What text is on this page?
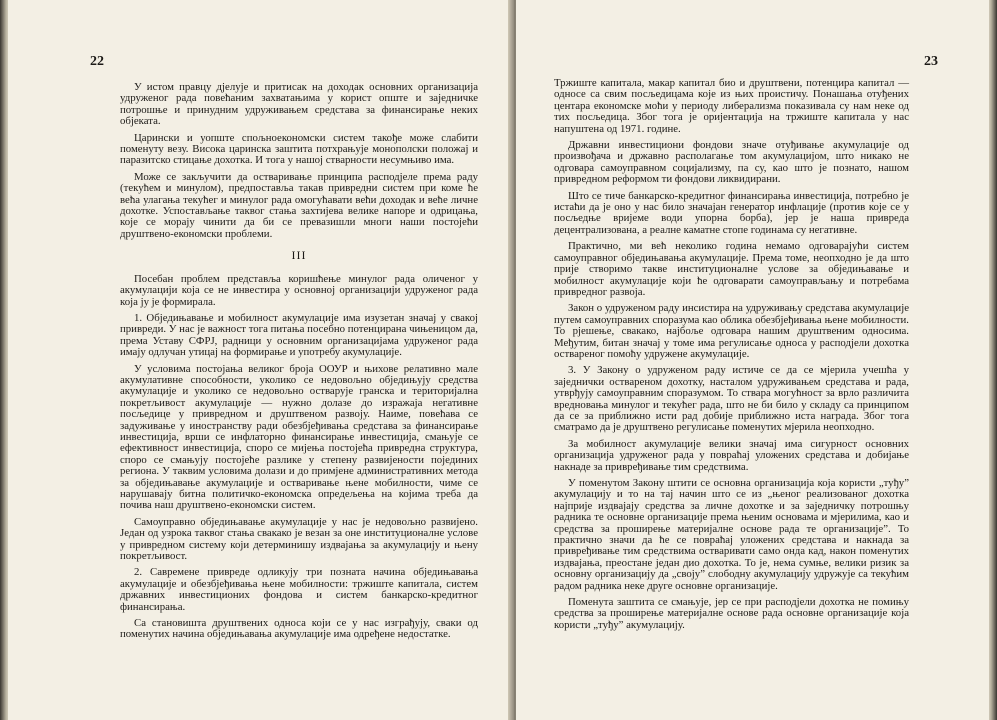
22

У истом правцу дјелује и притисак на доходак основних организација удруженог рада повећаним захватањима у корист опште и заједничке потрошње и принудним удруживањем средстава за финансирање неких објеката.

Царински и уопште спољноекономски систем такође може слабити поменуту везу. Висока царинска заштита потхрањује монополски положај и паразитско стицање дохотка. И тога у нашој стварности несумњиво има.

Може се закључити да остваривање принципа расподјеле према раду (текућем и минулом), предпоставља такав привредни систем при коме ће већа улагања текућег и минулог рада омогућавати већи доходак и веће личне дохотке. Успостављање таквог стања захтијева велике напоре и одрицања, које се морају чинити да би се превазишли многи наши постојећи друштвено-економски проблеми.

III

Посебан проблем представља коришћење минулог рада оличеног у акумулацији која се не инвестира у основној организацији удруженог рада која ју је формирала.

1. Обједињавање и мобилност акумулације има изузетан значај у свакој привреди. У нас је важност тога питања посебно потенцирана чињеницом да, према Уставу СФРЈ, радници у основним организацијама удруженог рада имају одлучан утицај на формирање и употребу акумулације.

У условима постојања великог броја ООУР и њихове релативно мале акумулативне способности, уколико се недовољно обједињују средства акумулације и уколико се недовољно остварује гранска и територијална покретљивост акумулације — нужно долазе до изражаја негативне посљедице у привредном и друштвеном развоју. Наиме, повећава се задуживање у иностранству ради обезбјеђивања средстава за финансирање инвестиција, врши се инфлаторно финансирање инвестиција, смањује се ефективност инвестиција, споро се мијења постојећа привредна структура, споро се смањују постојеће разлике у степену развијености појединих региона. У таквим условима долази и до примјене административних метода за обједињавање акумулације и остваривање њене мобилности, чиме се нарушавају битна политичко-економска опредељења на којима треба да почива наш друштвено-економски систем.

Самоуправно обједињавање акумулације у нас је недовољно развијено. Један од узрока таквог стања свакако је везан за оне институционалне услове у привредном систему који детерминишу издвајања за акумулацију и њену покретљивост.

2. Савремене привреде одликују три позната начина обједињавања акумулације и обезбјеђивања њене мобилности: тржиште капитала, систем државних инвестиционих фондова и систем банкарско-кредитног финансирања.

Са становишта друштвених односа који се у нас изграђују, сваки од поменутих начина обједињавања акумулације има одређене недостатке.

23

Тржиште капитала, макар капитал био и друштвени, потенцира капитал — односе са свим посљедицама које из њих проистичу. Понашања отуђених центара економске моћи у периоду либерализма показивала су нам неке од тих посљедица. Због тога је оријентација на тржиште капитала у нас напуштена од 1971. године.

Државни инвестициони фондови значе отуђивање акумулације од произвођача и државно располагање том акумулацијом, што никако не одговара самоуправном социјализму, па су, као што је познато, нашом привредном реформом ти фондови ликвидирани.

Што се тиче банкарско-кредитног финансирања инвестиција, потребно је истаћи да је оно у нас било значајан генератор инфлације (против које се у посљедње вријеме води упорна борба), јер је наша привреда децентрализована, а реалне каматне стопе годинама су негативне.

Практично, ми већ неколико година немамо одговарајући систем самоуправног обједињавања акумулације. Према томе, неопходно је да што прије створимо такве институционалне услове за обједињавање и мобилност акумулације који ће одговарати самоуправљању и потребама привредног развоја.

Закон о удруженом раду инсистира на удруживању средстава акумулације путем самоуправних споразума као облика обезбјеђивања њене мобилности. То рјешење, свакако, најбоље одговара нашим друштвеним односима. Међутим, битан значај у томе има регулисање односа у расподјели дохотка оствареног помоћу удружене акумулације.

3. У Закону о удруженом раду истиче се да се мјерила учешћа у заједнички оствареном дохотку, насталом удруживањем средстава и рада, утврђују самоуправним споразумом. То ствара могућност за врло различита вредновања минулог и текућег рада, што не би било у складу са принципом да се за приближно исти рад добије приближно иста награда. Због тога сматрамо да је друштвено регулисање поменутих мјерила неопходно.

За мобилност акумулације велики значај има сигурност основних организација удруженог рада у повраћај уложених средстава и добијање накнаде за привређивање тим средствима.

У поменутом Закону штити се основна организација која користи „туђу” акумулацију и то на тај начин што се из „њеног реализованог дохотка најприје издвајају средства за личне дохотке и за заједничку потрошњу радника те основне организације према њеним основама и мјерилима, као и средства за проширење материјалне основе рада те организације”. То практично значи да ће се повраћај уложених средстава и накнада за привређивање тим средствима остваривати само онда кад, након поменутих издвајања, преостане један дио дохотка. То је, нема сумње, велики ризик за основну организацију да „своју” слободну акумулацију удружује са текућим радом радника неке друге основне организације.

Поменута заштита се смањује, јер се при расподјели дохотка не помињу средства за проширење материјалне основе рада основне организације која користи „туђу” акумулацију.
